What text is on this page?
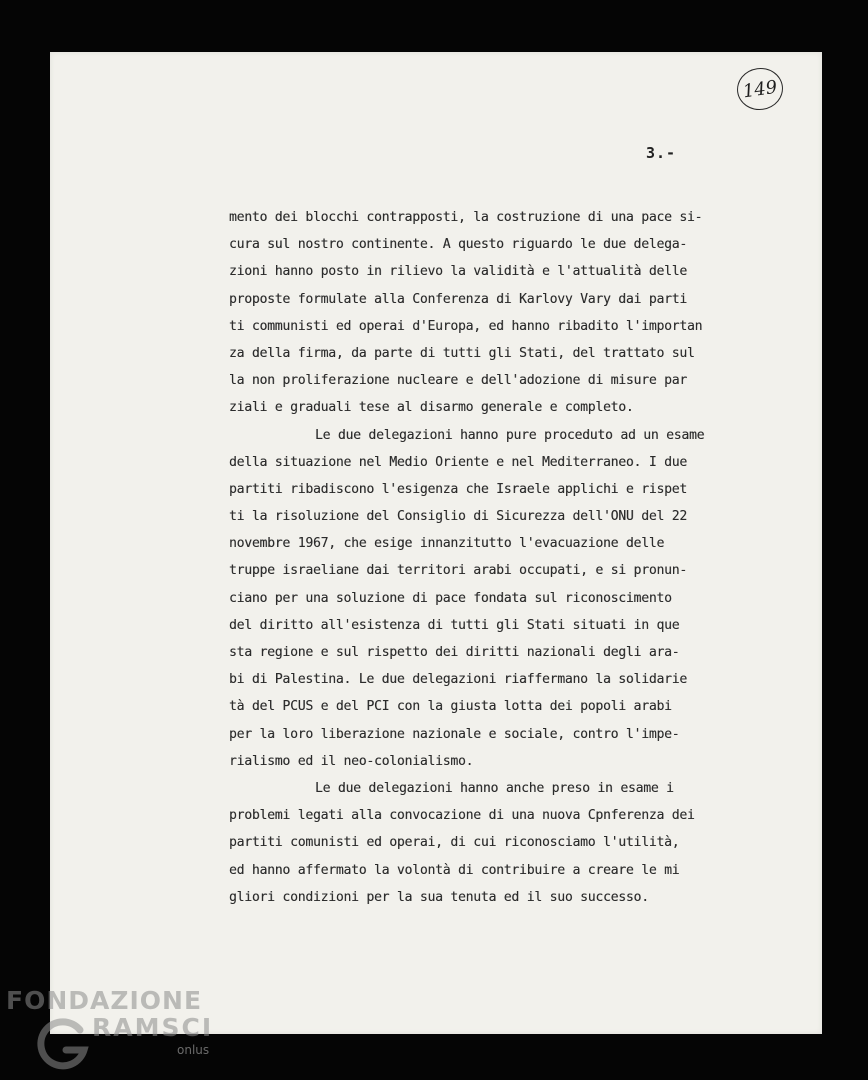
149
3.-
mento dei blocchi contrapposti, la costruzione di una pace si-
cura sul nostro continente. A questo riguardo le due delega-
zioni hanno posto in rilievo la validità e l'attualità delle
proposte formulate alla Conferenza di Karlovy Vary dai parti
ti communisti ed operai d'Europa, ed hanno ribadito l'importan
za della firma, da parte di tutti gli Stati, del trattato sul
la non proliferazione nucleare e dell'adozione di misure par
ziali e graduali tese al disarmo generale e completo.
Le due delegazioni hanno pure proceduto ad un esame
della situazione nel Medio Oriente e nel Mediterraneo. I due
partiti ribadiscono l'esigenza che Israele applichi e rispet
ti la risoluzione del Consiglio di Sicurezza dell'ONU del 22
novembre 1967, che esige innanzitutto l'evacuazione delle
truppe israeliane dai territori arabi occupati, e si pronun-
ciano per una soluzione di pace fondata sul riconoscimento
del diritto all'esistenza di tutti gli Stati situati in que
sta regione e sul rispetto dei diritti nazionali degli ara-
bi di Palestina. Le due delegazioni riaffermano la solidarie
tà del PCUS e del PCI con la giusta lotta dei popoli arabi
per la loro liberazione nazionale e sociale, contro l'impe-
rialismo ed il neo-colonialismo.
Le due delegazioni hanno anche preso in esame i
problemi legati alla convocazione di una nuova Cpnferenza dei
partiti comunisti ed operai, di cui riconosciamo l'utilità,
ed hanno affermato la volontà di contribuire a creare le mi
gliori condizioni per la sua tenuta ed il suo successo.
FONDAZIONE
RAMSCI
onlus
